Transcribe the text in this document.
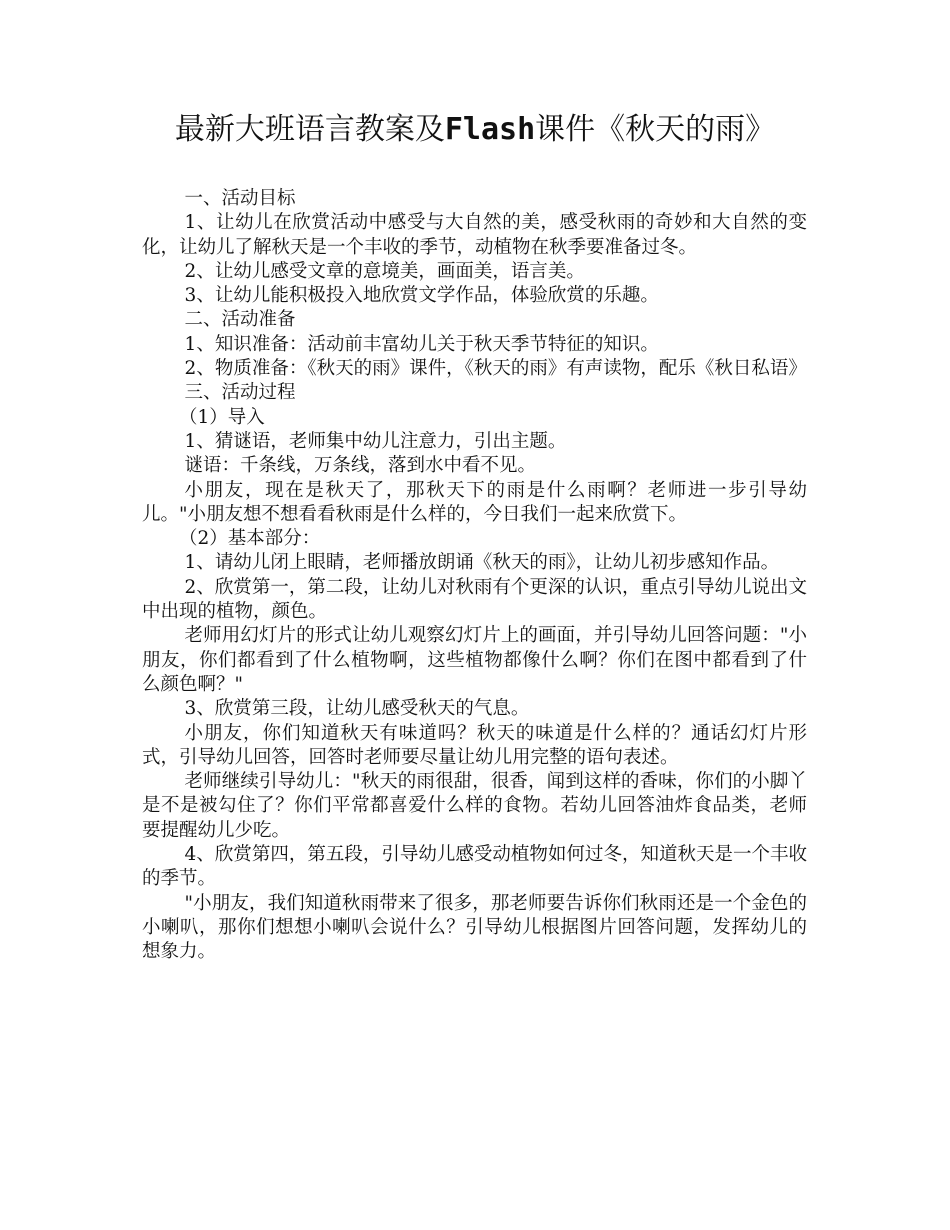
最新大班语言教案及Flash课件《秋天的雨》

一、活动目标

1、让幼儿在欣赏活动中感受与大自然的美，感受秋雨的奇妙和大自然的变化，让幼儿了解秋天是一个丰收的季节，动植物在秋季要准备过冬。

2、让幼儿感受文章的意境美，画面美，语言美。

3、让幼儿能积极投入地欣赏文学作品，体验欣赏的乐趣。

二、活动准备

1、知识准备：活动前丰富幼儿关于秋天季节特征的知识。

2、物质准备：《秋天的雨》课件，《秋天的雨》有声读物，配乐《秋日私语》

三、活动过程

（1）导入

1、猜谜语，老师集中幼儿注意力，引出主题。

谜语：千条线，万条线，落到水中看不见。

小朋友，现在是秋天了，那秋天下的雨是什么雨啊？老师进一步引导幼儿。"小朋友想不想看看秋雨是什么样的，今日我们一起来欣赏下。

（2）基本部分：

1、请幼儿闭上眼睛，老师播放朗诵《秋天的雨》，让幼儿初步感知作品。

2、欣赏第一，第二段，让幼儿对秋雨有个更深的认识，重点引导幼儿说出文中出现的植物，颜色。

老师用幻灯片的形式让幼儿观察幻灯片上的画面，并引导幼儿回答问题："小朋友，你们都看到了什么植物啊，这些植物都像什么啊？你们在图中都看到了什么颜色啊？"

3、欣赏第三段，让幼儿感受秋天的气息。

小朋友，你们知道秋天有味道吗？秋天的味道是什么样的？通话幻灯片形式，引导幼儿回答，回答时老师要尽量让幼儿用完整的语句表述。

老师继续引导幼儿："秋天的雨很甜，很香，闻到这样的香味，你们的小脚丫是不是被勾住了？你们平常都喜爱什么样的食物。若幼儿回答油炸食品类，老师要提醒幼儿少吃。

4、欣赏第四，第五段，引导幼儿感受动植物如何过冬，知道秋天是一个丰收的季节。

"小朋友，我们知道秋雨带来了很多，那老师要告诉你们秋雨还是一个金色的小喇叭，那你们想想小喇叭会说什么？引导幼儿根据图片回答问题，发挥幼儿的想象力。
